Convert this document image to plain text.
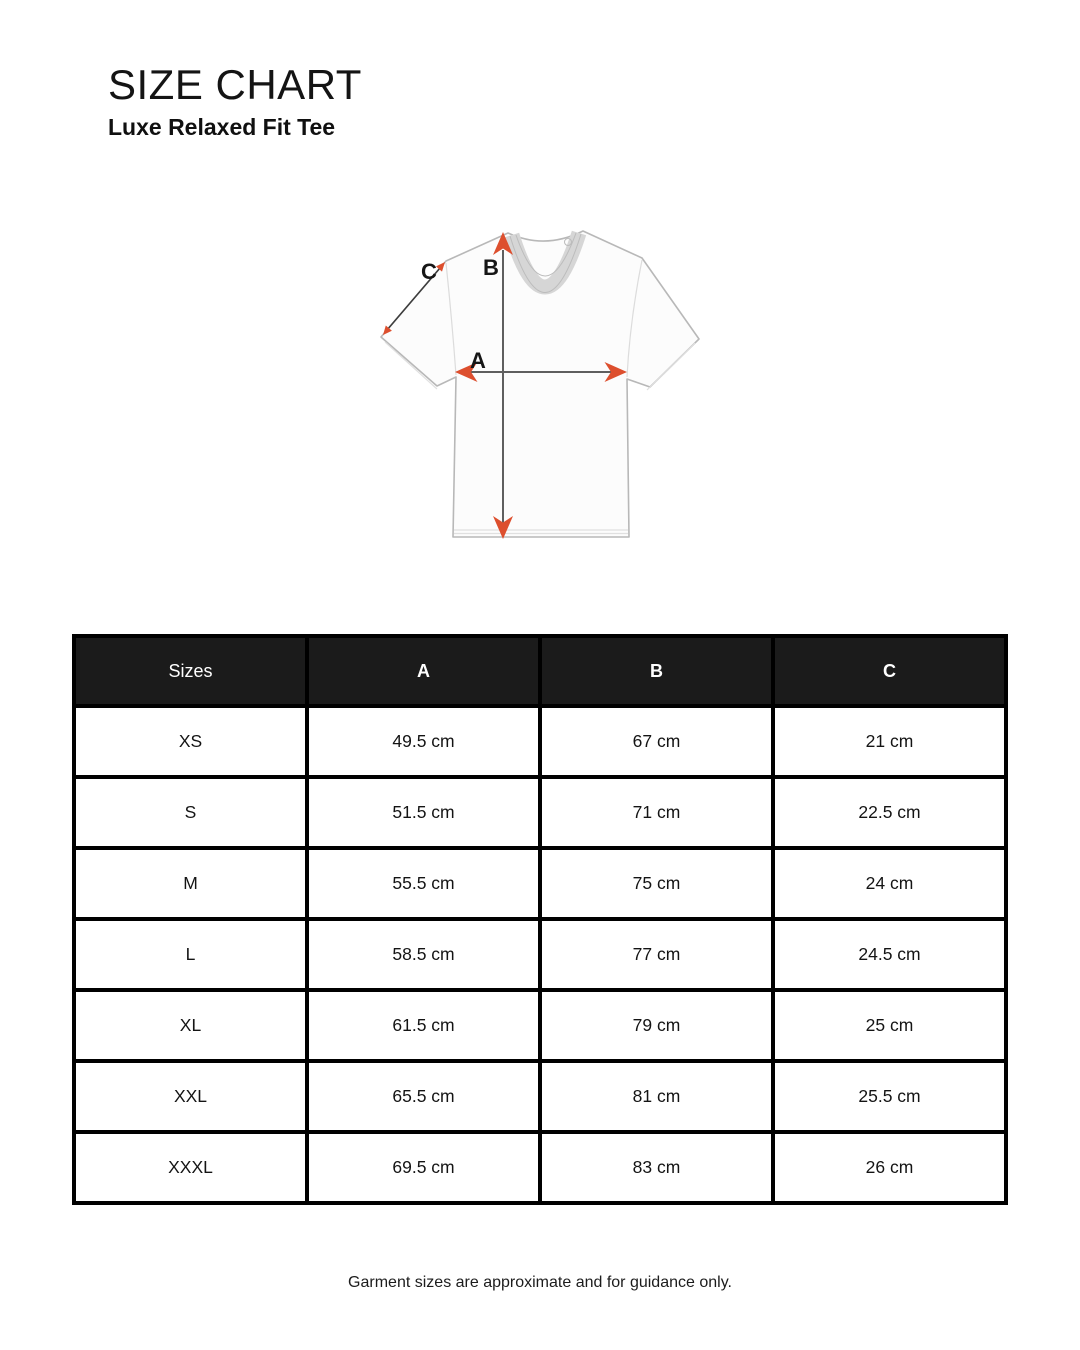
SIZE CHART
Luxe Relaxed Fit Tee
A
B
C
Sizes	A	B	C
XS	49.5 cm	67 cm	21 cm
S	51.5 cm	71 cm	22.5 cm
M	55.5 cm	75 cm	24 cm
L	58.5 cm	77 cm	24.5 cm
XL	61.5 cm	79 cm	25 cm
XXL	65.5 cm	81 cm	25.5 cm
XXXL	69.5 cm	83 cm	26 cm
Garment sizes are approximate and for guidance only.
